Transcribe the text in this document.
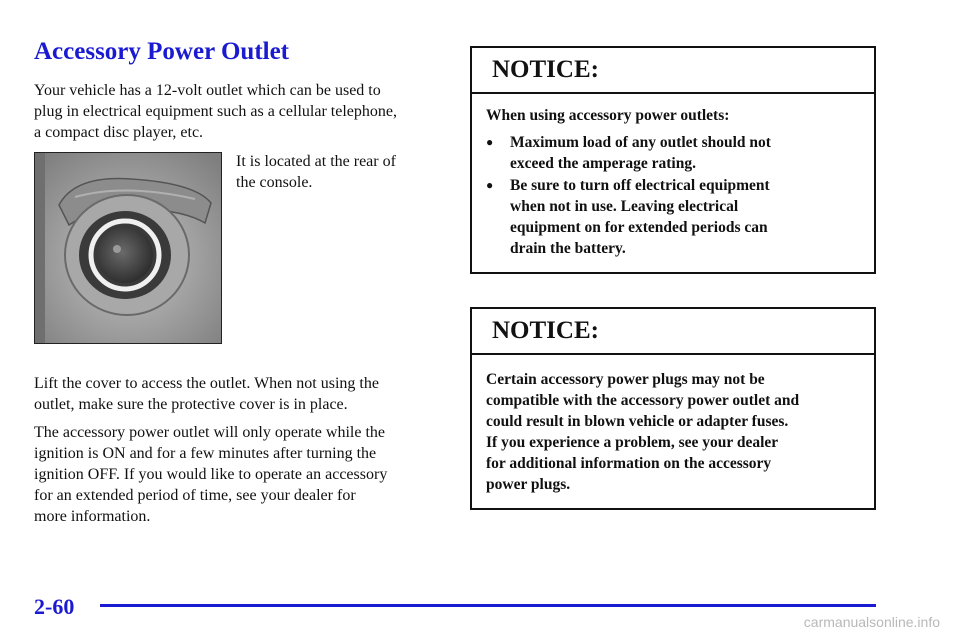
Accessory Power Outlet

Your vehicle has a 12-volt outlet which can be used to
plug in electrical equipment such as a cellular telephone,
a compact disc player, etc.

It is located at the rear of
the console.

Lift the cover to access the outlet. When not using the
outlet, make sure the protective cover is in place.

The accessory power outlet will only operate while the
ignition is ON and for a few minutes after turning the
ignition OFF. If you would like to operate an accessory
for an extended period of time, see your dealer for
more information.

NOTICE:

When using accessory power outlets:

●	Maximum load of any outlet should not
exceed the amperage rating.
●	Be sure to turn off electrical equipment
when not in use. Leaving electrical
equipment on for extended periods can
drain the battery.
NOTICE:

Certain accessory power plugs may not be
compatible with the accessory power outlet and
could result in blown vehicle or adapter fuses.
If you experience a problem, see your dealer
for additional information on the accessory
power plugs.

2-60
carmanualsonline.info
